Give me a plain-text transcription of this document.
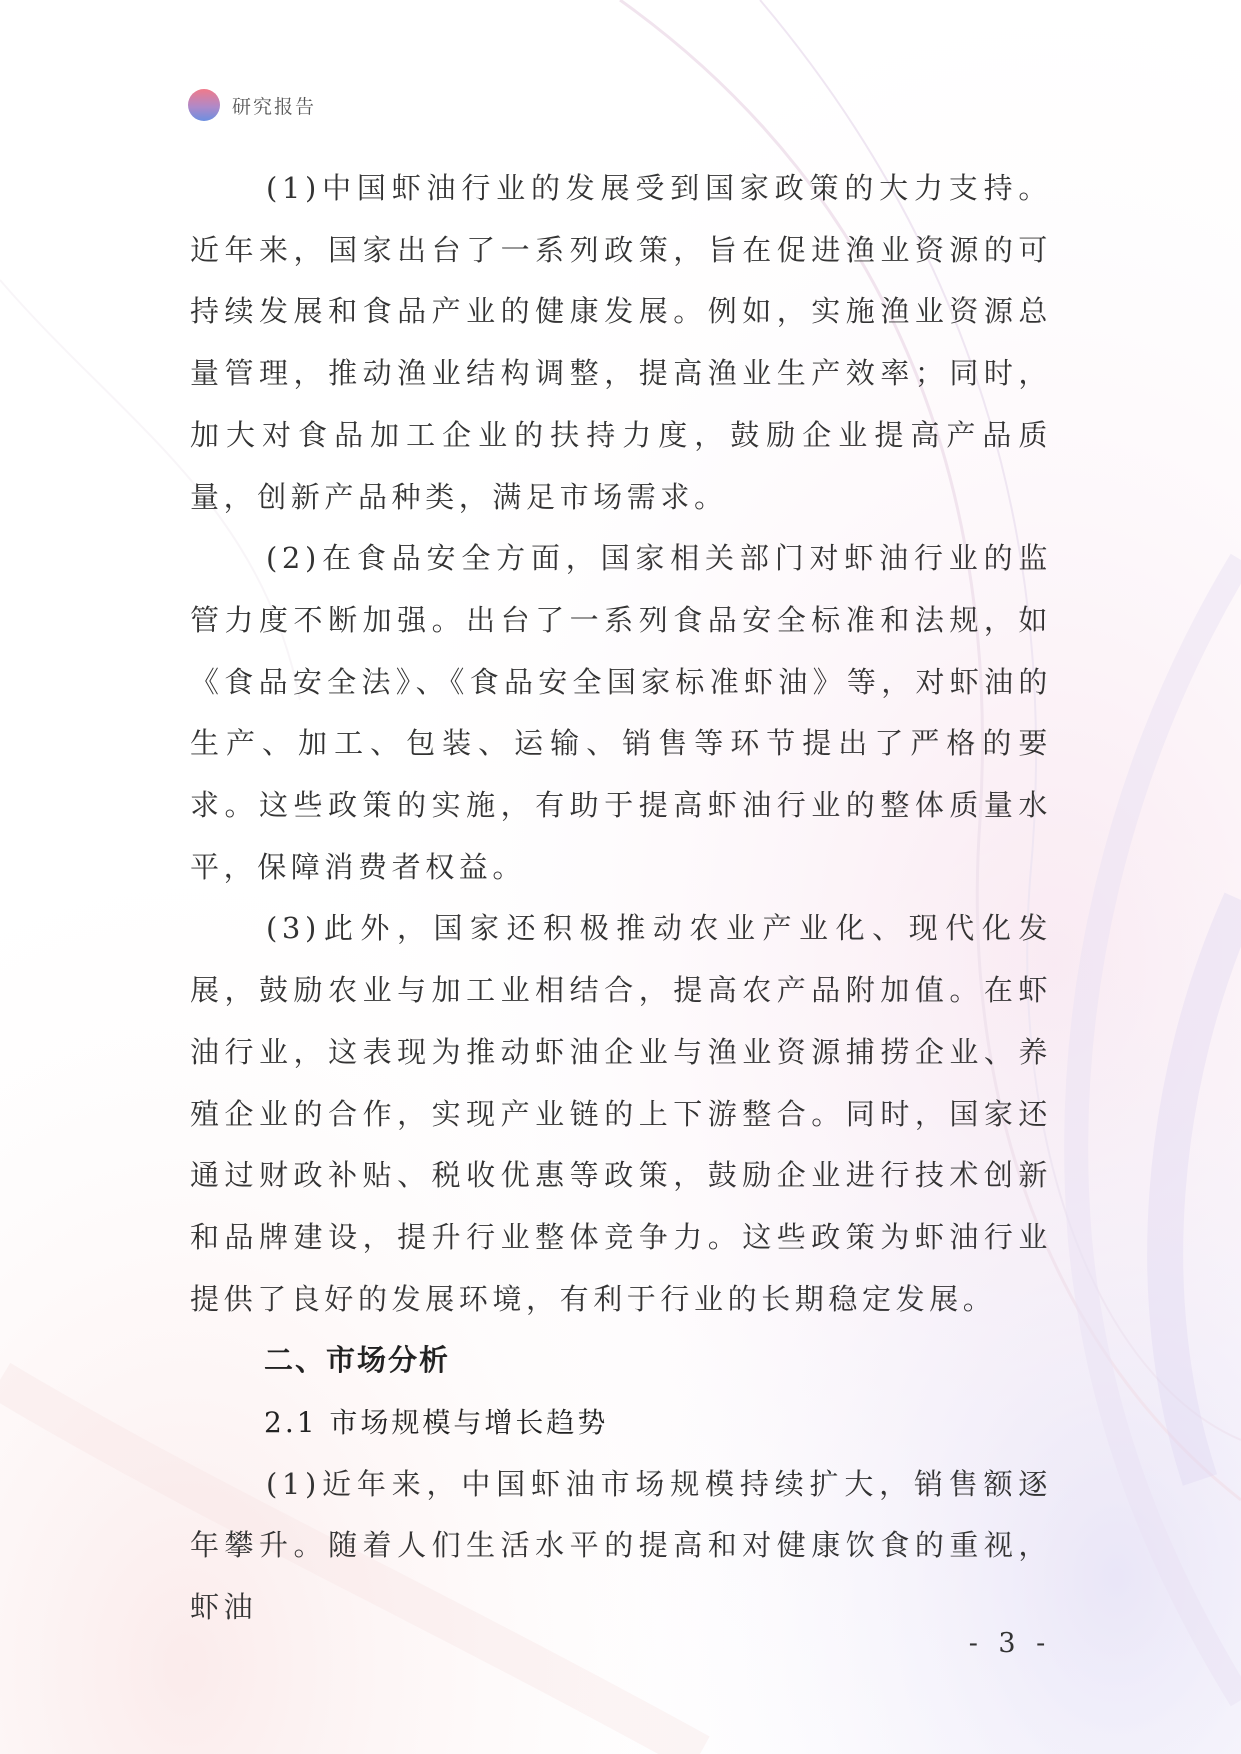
研究报告

(1)中国虾油行业的发展受到国家政策的大力支持。近年来，国家出台了一系列政策，旨在促进渔业资源的可持续发展和食品产业的健康发展。例如，实施渔业资源总量管理，推动渔业结构调整，提高渔业生产效率；同时，加大对食品加工企业的扶持力度，鼓励企业提高产品质量，创新产品种类，满足市场需求。

(2)在食品安全方面，国家相关部门对虾油行业的监管力度不断加强。出台了一系列食品安全标准和法规，如《食品安全法》、《食品安全国家标准虾油》等，对虾油的生产、加工、包装、运输、销售等环节提出了严格的要求。这些政策的实施，有助于提高虾油行业的整体质量水平，保障消费者权益。

(3)此外，国家还积极推动农业产业化、现代化发展，鼓励农业与加工业相结合，提高农产品附加值。在虾油行业，这表现为推动虾油企业与渔业资源捕捞企业、养殖企业的合作，实现产业链的上下游整合。同时，国家还通过财政补贴、税收优惠等政策，鼓励企业进行技术创新和品牌建设，提升行业整体竞争力。这些政策为虾油行业提供了良好的发展环境，有利于行业的长期稳定发展。

二、市场分析

2.1 市场规模与增长趋势

(1)近年来，中国虾油市场规模持续扩大，销售额逐年攀升。随着人们生活水平的提高和对健康饮食的重视，虾油

- 3 -
